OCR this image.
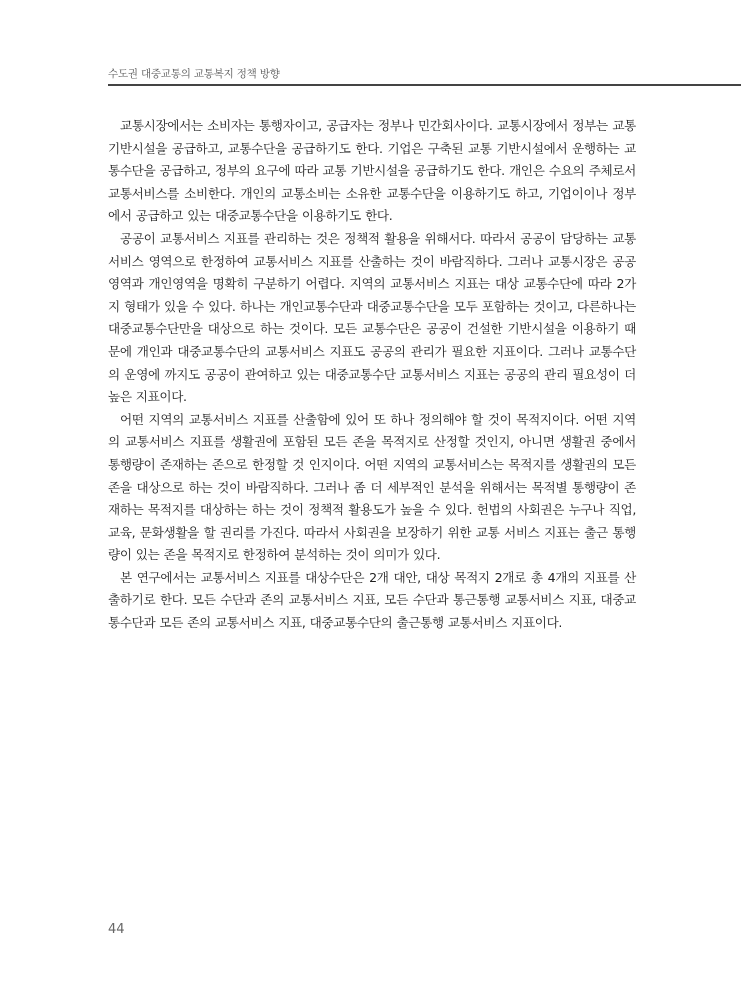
수도권 대중교통의 교통복지 정책 방향

교통시장에서는 소비자는 통행자이고, 공급자는 정부나 민간회사이다. 교통시장에서 정부는 교통 기반시설을 공급하고, 교통수단을 공급하기도 한다. 기업은 구축된 교통 기반시설에서 운행하는 교통수단을 공급하고, 정부의 요구에 따라 교통 기반시설을 공급하기도 한다. 개인은 수요의 주체로서 교통서비스를 소비한다. 개인의 교통소비는 소유한 교통수단을 이용하기도 하고, 기업이이나 정부에서 공급하고 있는 대중교통수단을 이용하기도 한다.

공공이 교통서비스 지표를 관리하는 것은 정책적 활용을 위해서다. 따라서 공공이 담당하는 교통서비스 영역으로 한정하여 교통서비스 지표를 산출하는 것이 바람직하다. 그러나 교통시장은 공공영역과 개인영역을 명확히 구분하기 어렵다. 지역의 교통서비스 지표는 대상 교통수단에 따라 2가지 형태가 있을 수 있다. 하나는 개인교통수단과 대중교통수단을 모두 포함하는 것이고, 다른하나는 대중교통수단만을 대상으로 하는 것이다. 모든 교통수단은 공공이 건설한 기반시설을 이용하기 때문에 개인과 대중교통수단의 교통서비스 지표도 공공의 관리가 필요한 지표이다. 그러나 교통수단의 운영에 까지도 공공이 관여하고 있는 대중교통수단 교통서비스 지표는 공공의 관리 필요성이 더 높은 지표이다.

어떤 지역의 교통서비스 지표를 산출함에 있어 또 하나 정의해야 할 것이 목적지이다. 어떤 지역의 교통서비스 지표를 생활권에 포함된 모든 존을 목적지로 산정할 것인지, 아니면 생활권 중에서 통행량이 존재하는 존으로 한정할 것 인지이다. 어떤 지역의 교통서비스는 목적지를 생활권의 모든 존을 대상으로 하는 것이 바람직하다. 그러나 좀 더 세부적인 분석을 위해서는 목적별 통행량이 존재하는 목적지를 대상하는 하는 것이 정책적 활용도가 높을 수 있다. 헌법의 사회권은 누구나 직업, 교육, 문화생활을 할 권리를 가진다. 따라서 사회권을 보장하기 위한 교통 서비스 지표는 출근 통행량이 있는 존을 목적지로 한정하여 분석하는 것이 의미가 있다.

본 연구에서는 교통서비스 지표를 대상수단은 2개 대안, 대상 목적지 2개로 총 4개의 지표를 산출하기로 한다. 모든 수단과 존의 교통서비스 지표, 모든 수단과 통근통행 교통서비스 지표, 대중교통수단과 모든 존의 교통서비스 지표, 대중교통수단의 출근통행 교통서비스 지표이다.

44
